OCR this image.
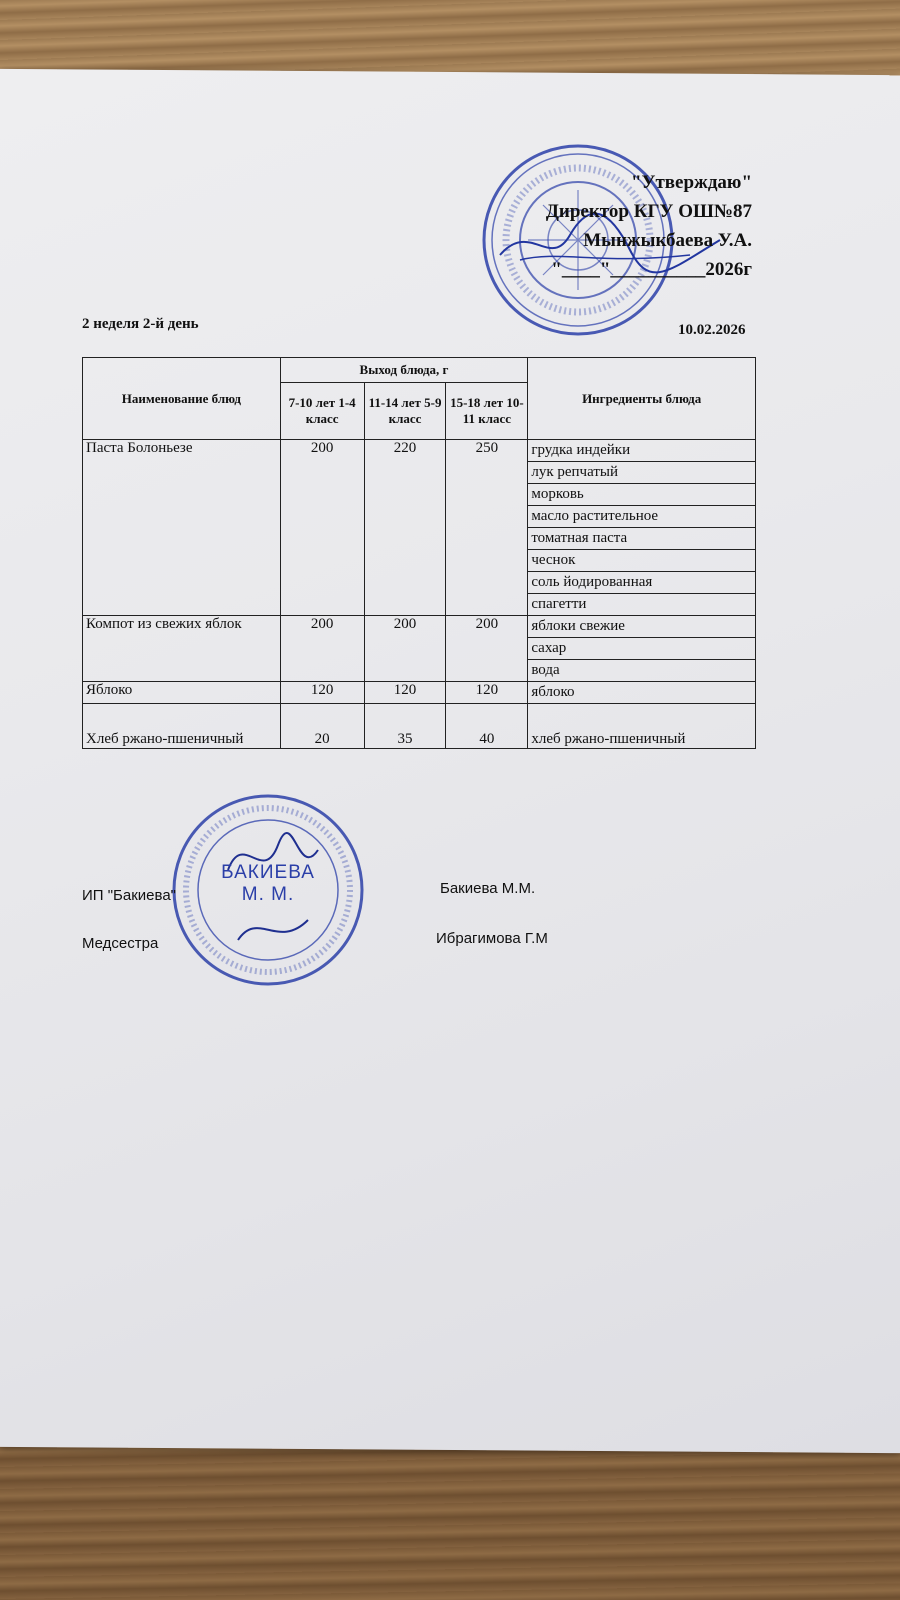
"Утверждаю"
Директор КГУ ОШ№87
Мынжыкбаева У.А.
"____"__________2026г
2 неделя 2-й день	10.02.2026
Наименование блюд	Выход блюда, г			Ингредиенты блюда
	7-10 лет 1-4 класс	11-14 лет 5-9 класс	15-18 лет 10-11 класс	
Паста Болоньезе	200	220	250	грудка индейки
				лук репчатый
				морковь
				масло растительное
				томатная паста
				чеснок
				соль йодированная
				спагетти
Компот из свежих яблок	200	200	200	яблоки свежие
				сахар
				вода
Яблоко	120	120	120	яблоко
Хлеб ржано-пшеничный	20	35	40	хлеб ржано-пшеничный
БАКИЕВА
М. М.
ИП "Бакиева"	Бакиева М.М.
Медсестра	Ибрагимова Г.М
